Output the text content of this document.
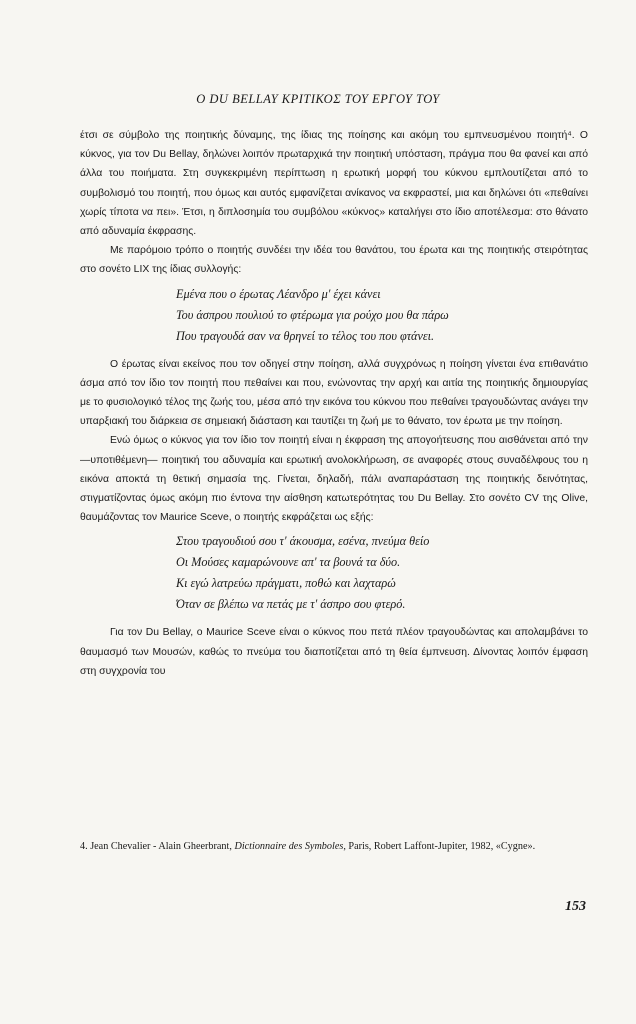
Ο DU BELLAY ΚΡΙΤΙΚΟΣ ΤΟΥ ΕΡΓΟΥ ΤΟΥ

έτσι σε σύμβολο της ποιητικής δύναμης, της ίδιας της ποίησης και ακόμη του εμπνευσμένου ποιητή⁴. Ο κύκνος, για τον Du Bellay, δηλώνει λοιπόν πρωταρχικά την ποιητική υπόσταση, πράγμα που θα φανεί και από άλλα του ποιήματα. Στη συγκεκριμένη περίπτωση η ερωτική μορφή του κύκνου εμπλουτίζεται από το συμβολισμό του ποιητή, που όμως και αυτός εμφανίζεται ανίκανος να εκφραστεί, μια και δηλώνει ότι «πεθαίνει χωρίς τίποτα να πει». Έτσι, η διπλοσημία του συμβόλου «κύκνος» καταλήγει στο ίδιο αποτέλεσμα: στο θάνατο από αδυναμία έκφρασης.

Με παρόμοιο τρόπο ο ποιητής συνδέει την ιδέα του θανάτου, του έρωτα και της ποιητικής στειρότητας στο σονέτο LIX της ίδιας συλλογής:

Εμένα που ο έρωτας Λέανδρο μ' έχει κάνει
Του άσπρου πουλιού το φτέρωμα για ρούχο μου θα πάρω
Που τραγουδά σαν να θρηνεί το τέλος του που φτάνει.

Ο έρωτας είναι εκείνος που τον οδηγεί στην ποίηση, αλλά συγχρόνως η ποίηση γίνεται ένα επιθανάτιο άσμα από τον ίδιο τον ποιητή που πεθαίνει και που, ενώνοντας την αρχή και αιτία της ποιητικής δημιουργίας με το φυσιολογικό τέλος της ζωής του, μέσα από την εικόνα του κύκνου που πεθαίνει τραγουδώντας ανάγει την υπαρξιακή του διάρκεια σε σημειακή διάσταση και ταυτίζει τη ζωή με το θάνατο, τον έρωτα με την ποίηση.

Ενώ όμως ο κύκνος για τον ίδιο τον ποιητή είναι η έκφραση της απογοήτευσης που αισθάνεται από την —υποτιθέμενη— ποιητική του αδυναμία και ερωτική ανολοκλήρωση, σε αναφορές στους συναδέλφους του η εικόνα αποκτά τη θετική σημασία της. Γίνεται, δηλαδή, πάλι αναπαράσταση της ποιητικής δεινότητας, στιγματίζοντας όμως ακόμη πιο έντονα την αίσθηση κατωτερότητας του Du Bellay. Στο σονέτο CV της Olive, θαυμάζοντας τον Maurice Sceve, ο ποιητής εκφράζεται ως εξής:

Στου τραγουδιού σου τ' άκουσμα, εσένα, πνεύμα θείο
Οι Μούσες καμαρώνουνε απ' τα βουνά τα δύο.
Κι εγώ λατρεύω πράγματι, ποθώ και λαχταρώ
Όταν σε βλέπω να πετάς με τ' άσπρο σου φτερό.

Για τον Du Bellay, ο Maurice Sceve είναι ο κύκνος που πετά πλέον τραγουδώντας και απολαμβάνει το θαυμασμό των Μουσών, καθώς το πνεύμα του διαποτίζεται από τη θεία έμπνευση. Δίνοντας λοιπόν έμφαση στη συγχρονία του

4. Jean Chevalier - Alain Gheerbrant, Dictionnaire des Symboles, Paris, Robert Laffont-Jupiter, 1982, «Cygne».
153
